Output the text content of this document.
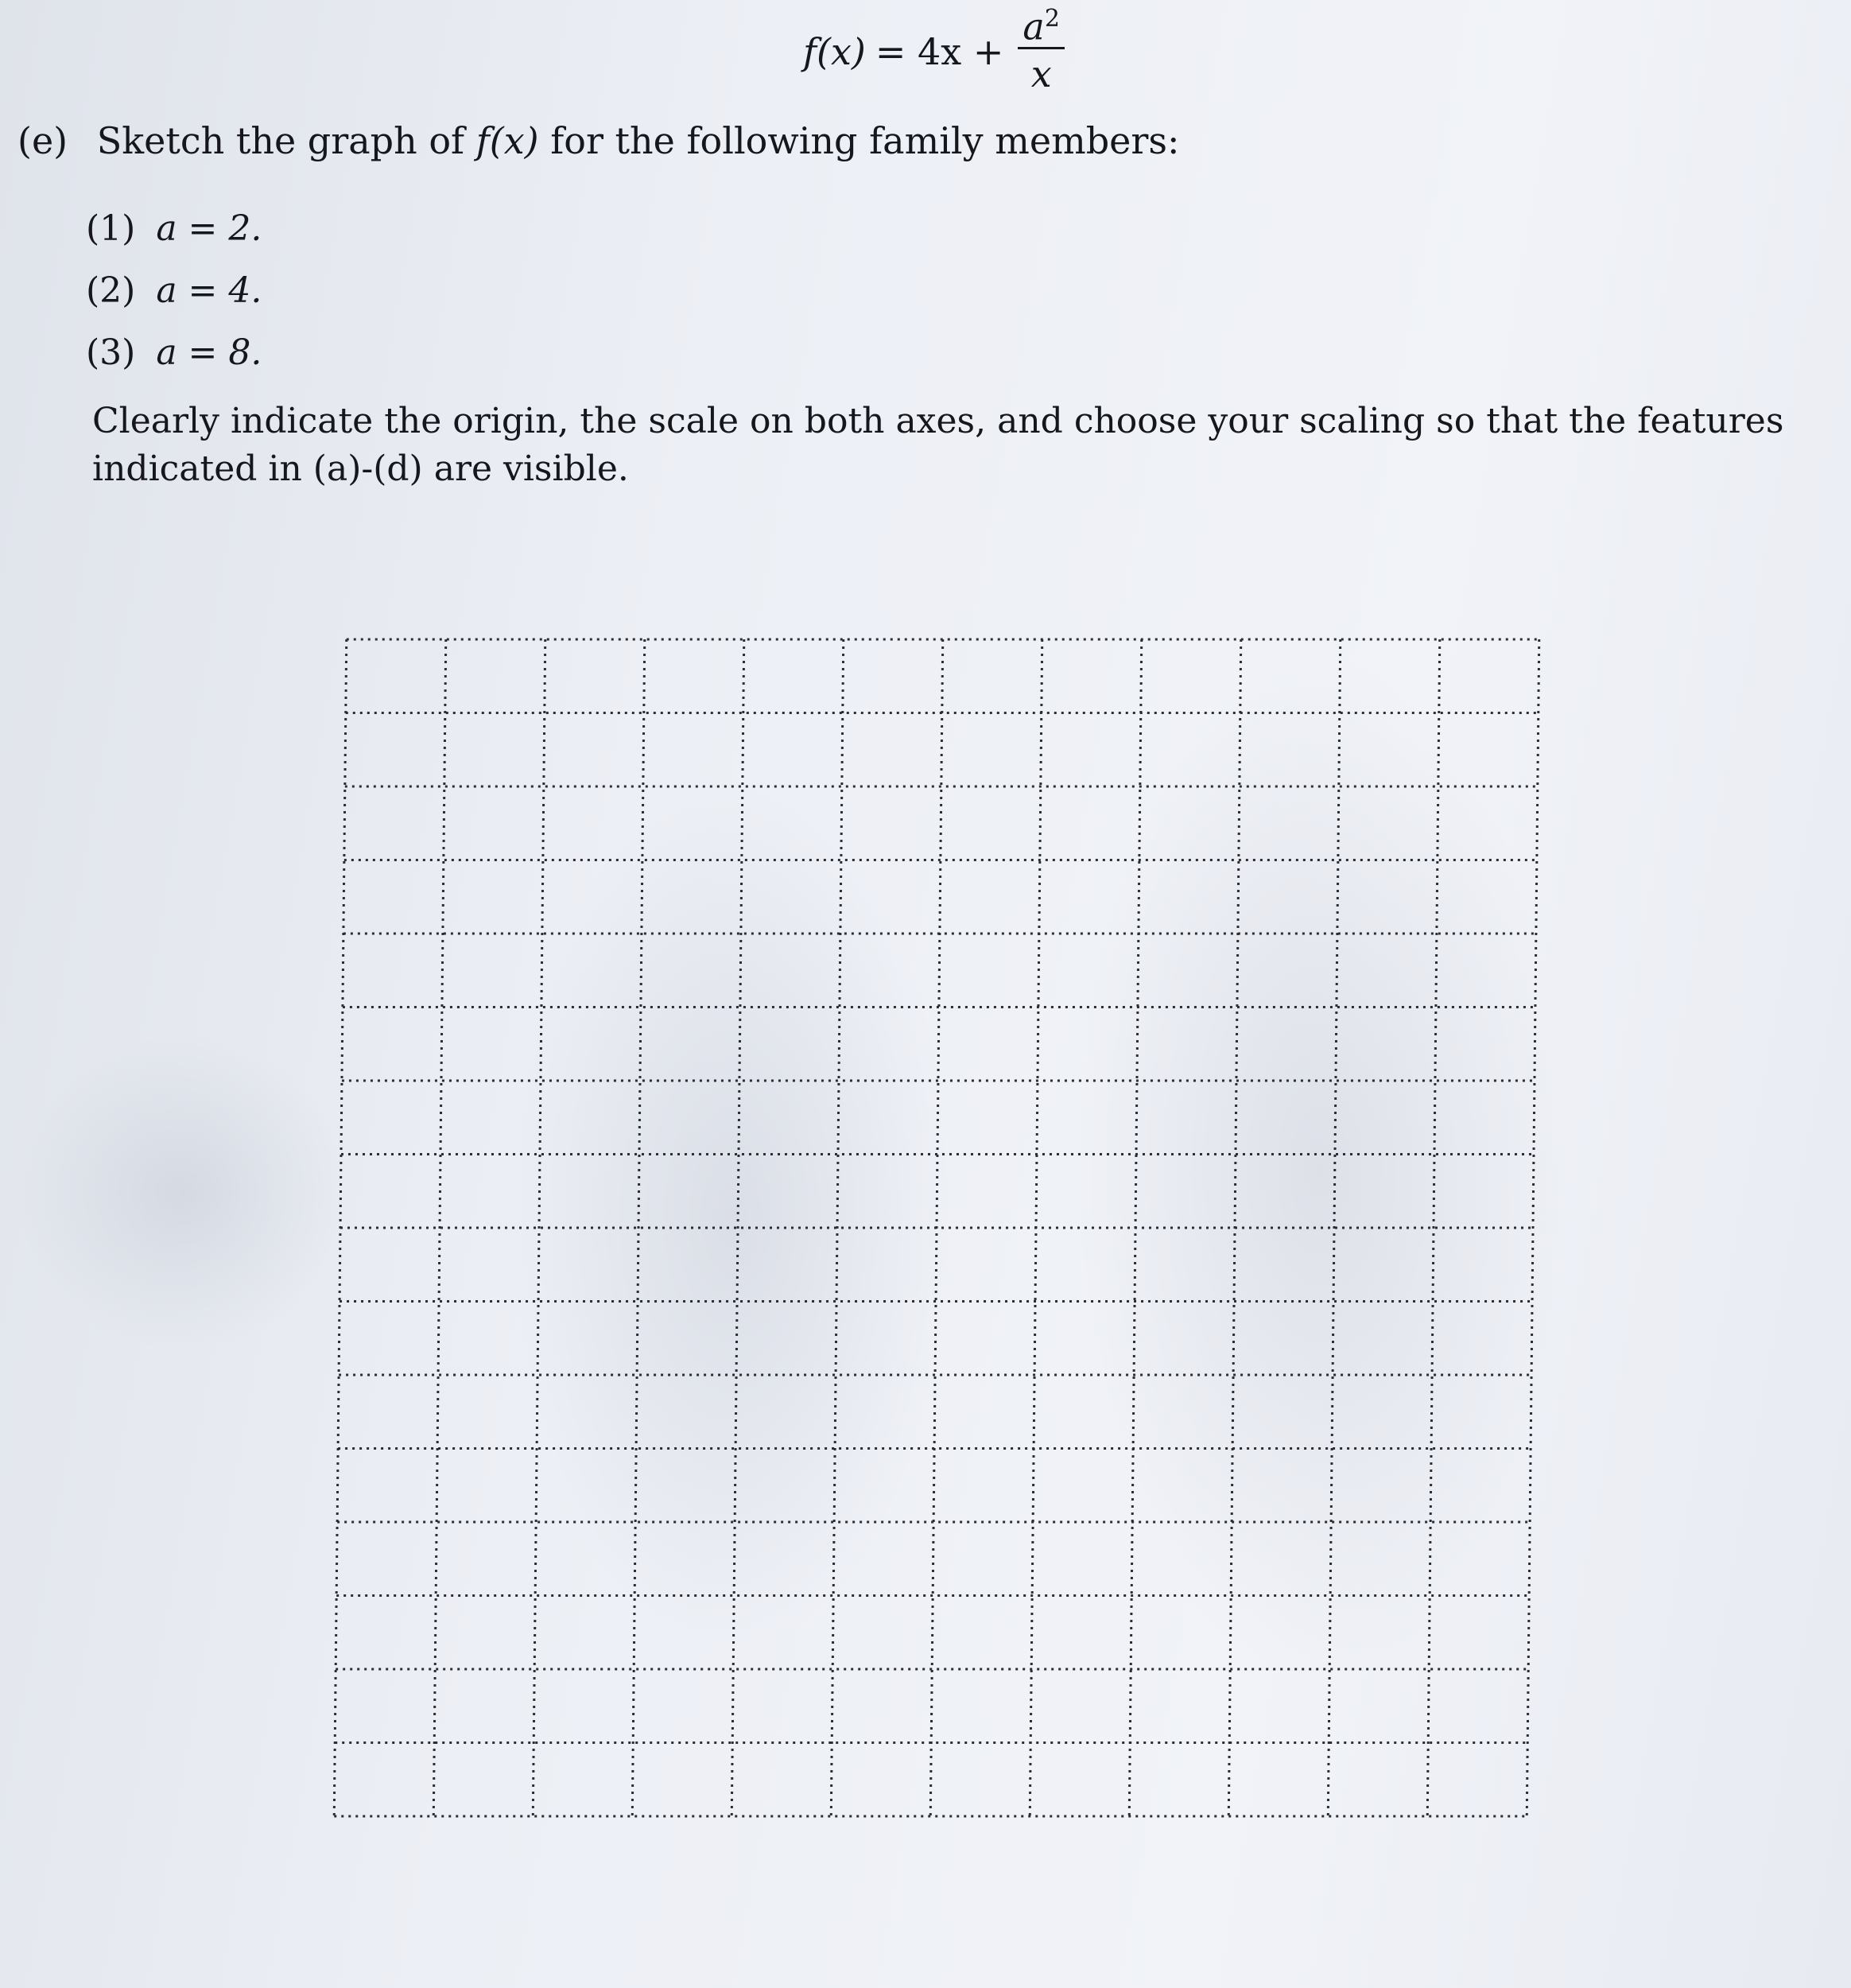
$f(x) = 4x + \frac{a^2}{x}$
(e) Sketch the graph of f(x) for the following family members:
(1) a = 2.
(2) a = 4.
(3) a = 8.
Clearly indicate the origin, the scale on both axes, and choose your scaling so that the features indicated in (a)-(d) are visible.
